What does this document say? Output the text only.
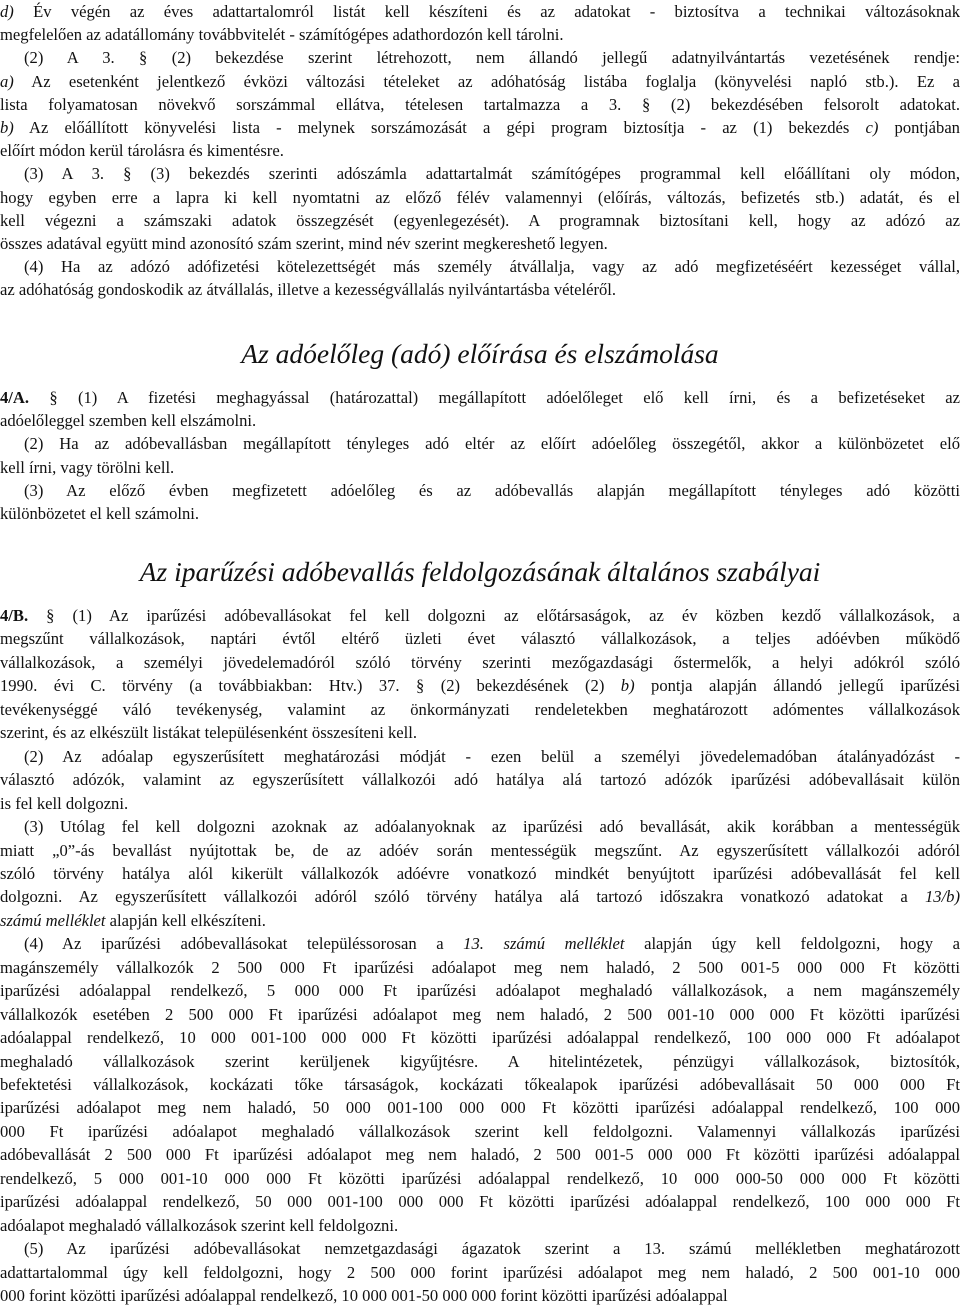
d) Év végén az éves adattartalomról listát kell készíteni és az adatokat - biztosítva a technikai változásoknak
megfelelően az adatállomány továbbvitelét - számítógépes adathordozón kell tárolni.
(2) A 3. § (2) bekezdése szerint létrehozott, nem állandó jellegű adatnyilvántartás vezetésének rendje:
a) Az esetenként jelentkező évközi változási tételeket az adóhatóság listába foglalja (könyvelési napló stb.). Ez a
lista folyamatosan növekvő sorszámmal ellátva, tételesen tartalmazza a 3. § (2) bekezdésében felsorolt adatokat.
b) Az előállított könyvelési lista - melynek sorszámozását a gépi program biztosítja - az (1) bekezdés c) pontjában
előírt módon kerül tárolásra és kimentésre.
(3) A 3. § (3) bekezdés szerinti adószámla adattartalmát számítógépes programmal kell előállítani oly módon,
hogy egyben erre a lapra ki kell nyomtatni az előző félév valamennyi (előírás, változás, befizetés stb.) adatát, és el
kell végezni a számszaki adatok összegzését (egyenlegezését). A programnak biztosítani kell, hogy az adózó az
összes adatával együtt mind azonosító szám szerint, mind név szerint megkereshető legyen.
(4) Ha az adózó adófizetési kötelezettségét más személy átvállalja, vagy az adó megfizetéséért kezességet vállal,
az adóhatóság gondoskodik az átvállalás, illetve a kezességvállalás nyilvántartásba vételéről.
Az adóelőleg (adó) előírása és elszámolása
4/A. § (1) A fizetési meghagyással (határozattal) megállapított adóelőleget elő kell írni, és a befizetéseket az
adóelőleggel szemben kell elszámolni.
(2) Ha az adóbevallásban megállapított tényleges adó eltér az előírt adóelőleg összegétől, akkor a különbözetet elő
kell írni, vagy törölni kell.
(3) Az előző évben megfizetett adóelőleg és az adóbevallás alapján megállapított tényleges adó közötti
különbözetet el kell számolni.
Az iparűzési adóbevallás feldolgozásának általános szabályai
4/B. § (1) Az iparűzési adóbevallásokat fel kell dolgozni az előtársaságok, az év közben kezdő vállalkozások, a
megszűnt vállalkozások, naptári évtől eltérő üzleti évet választó vállalkozások, a teljes adóévben működő
vállalkozások, a személyi jövedelemadóról szóló törvény szerinti mezőgazdasági őstermelők, a helyi adókról szóló
1990. évi C. törvény (a továbbiakban: Htv.) 37. § (2) bekezdésének (2) b) pontja alapján állandó jellegű iparűzési
tevékenységgé váló tevékenység, valamint az önkormányzati rendeletekben meghatározott adómentes vállalkozások
szerint, és az elkészült listákat településenként összesíteni kell.
(2) Az adóalap egyszerűsített meghatározási módját - ezen belül a személyi jövedelemadóban átalányadózást -
választó adózók, valamint az egyszerűsített vállalkozói adó hatálya alá tartozó adózók iparűzési adóbevallásait külön
is fel kell dolgozni.
(3) Utólag fel kell dolgozni azoknak az adóalanyoknak az iparűzési adó bevallását, akik korábban a mentességük
miatt „0”-ás bevallást nyújtottak be, de az adóév során mentességük megszűnt. Az egyszerűsített vállalkozói adóról
szóló törvény hatálya alól kikerült vállalkozók adóévre vonatkozó mindkét benyújtott iparűzési adóbevallását fel kell
dolgozni. Az egyszerűsített vállalkozói adóról szóló törvény hatálya alá tartozó időszakra vonatkozó adatokat a 13/b)
számú melléklet alapján kell elkészíteni.
(4) Az iparűzési adóbevallásokat településsorosan a 13. számú melléklet alapján úgy kell feldolgozni, hogy a
magánszemély vállalkozók 2 500 000 Ft iparűzési adóalapot meg nem haladó, 2 500 001-5 000 000 Ft közötti
iparűzési adóalappal rendelkező, 5 000 000 Ft iparűzési adóalapot meghaladó vállalkozások, a nem magánszemély
vállalkozók esetében 2 500 000 Ft iparűzési adóalapot meg nem haladó, 2 500 001-10 000 000 Ft közötti iparűzési
adóalappal rendelkező, 10 000 001-100 000 000 Ft közötti iparűzési adóalappal rendelkező, 100 000 000 Ft adóalapot
meghaladó vállalkozások szerint kerüljenek kigyűjtésre. A hitelintézetek, pénzügyi vállalkozások, biztosítók,
befektetési vállalkozások, kockázati tőke társaságok, kockázati tőkealapok iparűzési adóbevallásait 50 000 000 Ft
iparűzési adóalapot meg nem haladó, 50 000 001-100 000 000 Ft közötti iparűzési adóalappal rendelkező, 100 000
000 Ft iparűzési adóalapot meghaladó vállalkozások szerint kell feldolgozni. Valamennyi vállalkozás iparűzési
adóbevallását 2 500 000 Ft iparűzési adóalapot meg nem haladó, 2 500 001-5 000 000 Ft közötti iparűzési adóalappal
rendelkező, 5 000 001-10 000 000 Ft közötti iparűzési adóalappal rendelkező, 10 000 000-50 000 000 Ft közötti
iparűzési adóalappal rendelkező, 50 000 001-100 000 000 Ft közötti iparűzési adóalappal rendelkező, 100 000 000 Ft
adóalapot meghaladó vállalkozások szerint kell feldolgozni.
(5) Az iparűzési adóbevallásokat nemzetgazdasági ágazatok szerint a 13. számú mellékletben meghatározott
adattartalommal úgy kell feldolgozni, hogy 2 500 000 forint iparűzési adóalapot meg nem haladó, 2 500 001-10 000
000 forint közötti iparűzési adóalappal rendelkező, 10 000 001-50 000 000 forint közötti iparűzési adóalappal
